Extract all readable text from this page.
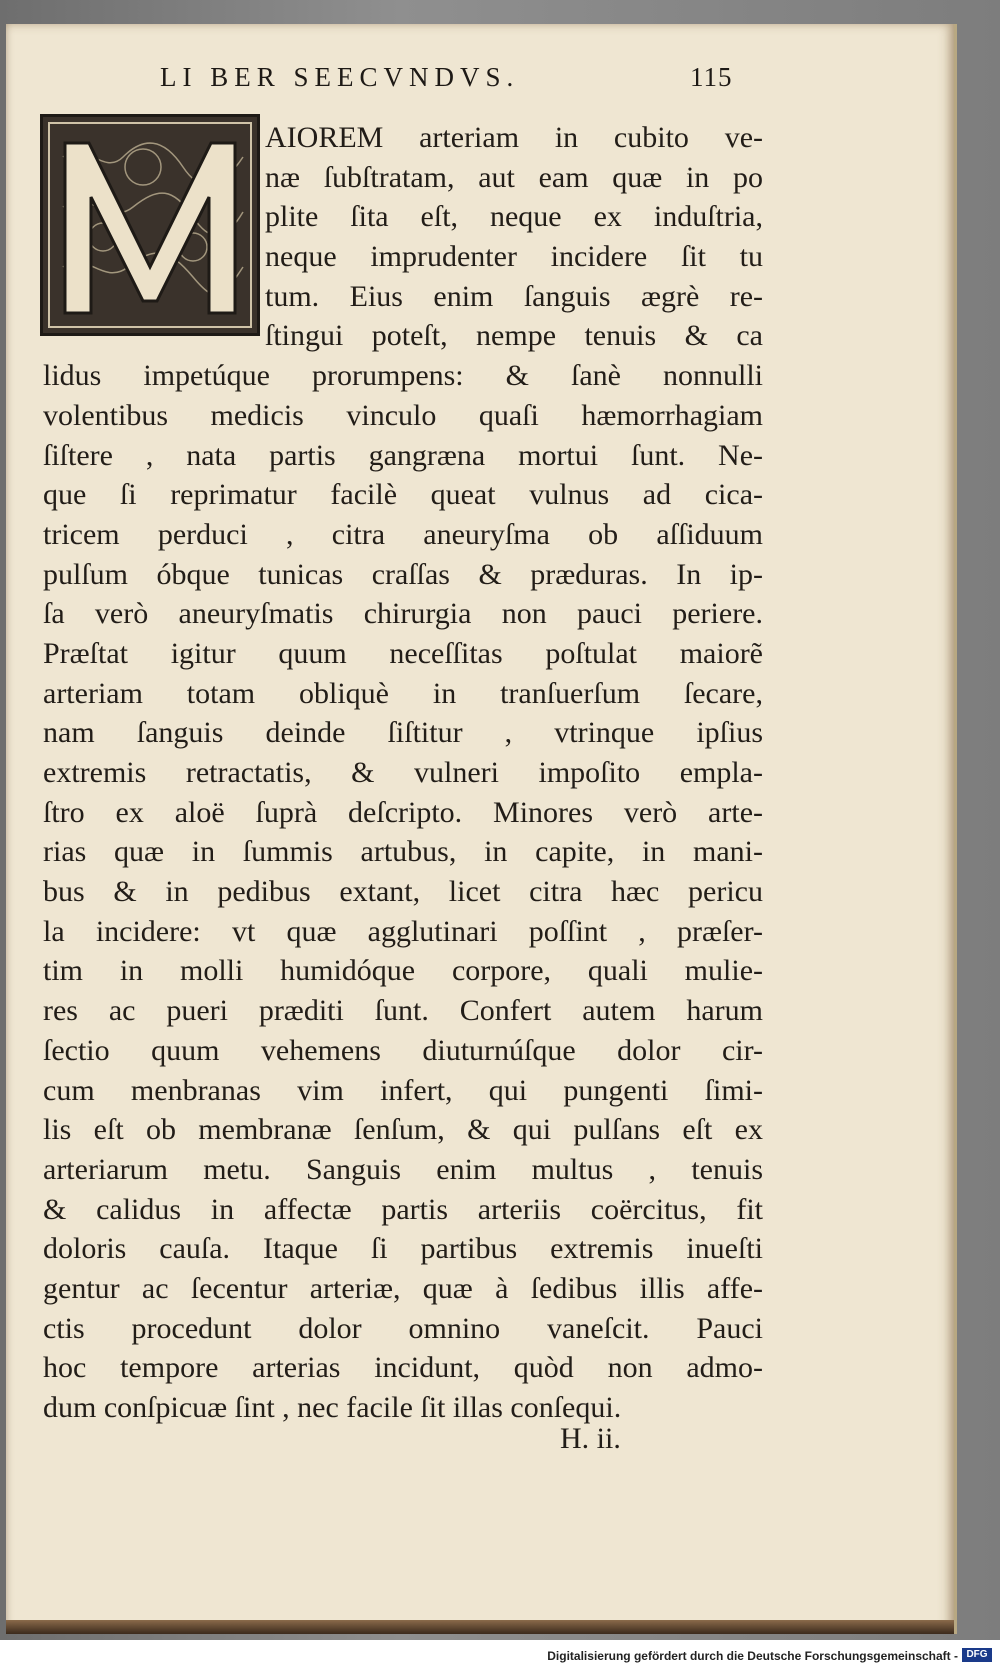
LI BER SEECVNDVS.	115
AIOREM arteriam in cubito ve-
næ ſubſtratam, aut eam quæ in po
plite ſita eſt, neque ex induſtria,
neque imprudenter incidere ſit tu
tum. Eius enim ſanguis ægrè re-
ſtingui poteſt, nempe tenuis & ca
lidus impetúque prorumpens: & ſanè nonnulli
volentibus medicis vinculo quaſi hæmorrhagiam
ſiſtere , nata partis gangræna mortui ſunt. Ne-
que ſi reprimatur facilè queat vulnus ad cica-
tricem perduci , citra aneuryſma ob aſſiduum
pulſum óbque tunicas craſſas & præduras. In ip-
ſa verò aneuryſmatis chirurgia non pauci periere.
Præſtat igitur quum neceſſitas poſtulat maiorẽ
arteriam totam obliquè in tranſuerſum ſecare,
nam ſanguis deinde ſiſtitur , vtrinque ipſius
extremis retractatis, & vulneri impoſito empla-
ſtro ex aloë ſuprà deſcripto. Minores verò arte-
rias quæ in ſummis artubus, in capite, in mani-
bus & in pedibus extant, licet citra hæc pericu
la incidere: vt quæ agglutinari poſſint , præſer-
tim in molli humidóque corpore, quali mulie-
res ac pueri præditi ſunt. Confert autem harum
ſectio quum vehemens diuturnúſque dolor cir-
cum menbranas vim infert, qui pungenti ſimi-
lis eſt ob membranæ ſenſum, & qui pulſans eſt ex
arteriarum metu. Sanguis enim multus , tenuis
& calidus in affectæ partis arteriis coërcitus, fit
doloris cauſa. Itaque ſi partibus extremis inueſti
gentur ac ſecentur arteriæ, quæ à ſedibus illis affe-
ctis procedunt dolor omnino vaneſcit. Pauci
hoc tempore arterias incidunt, quòd non admo-
dum conſpicuæ ſint , nec facile ſit illas conſequi.
H. ii.
Digitalisierung gefördert durch die Deutsche Forschungsgemeinschaft - DFG
